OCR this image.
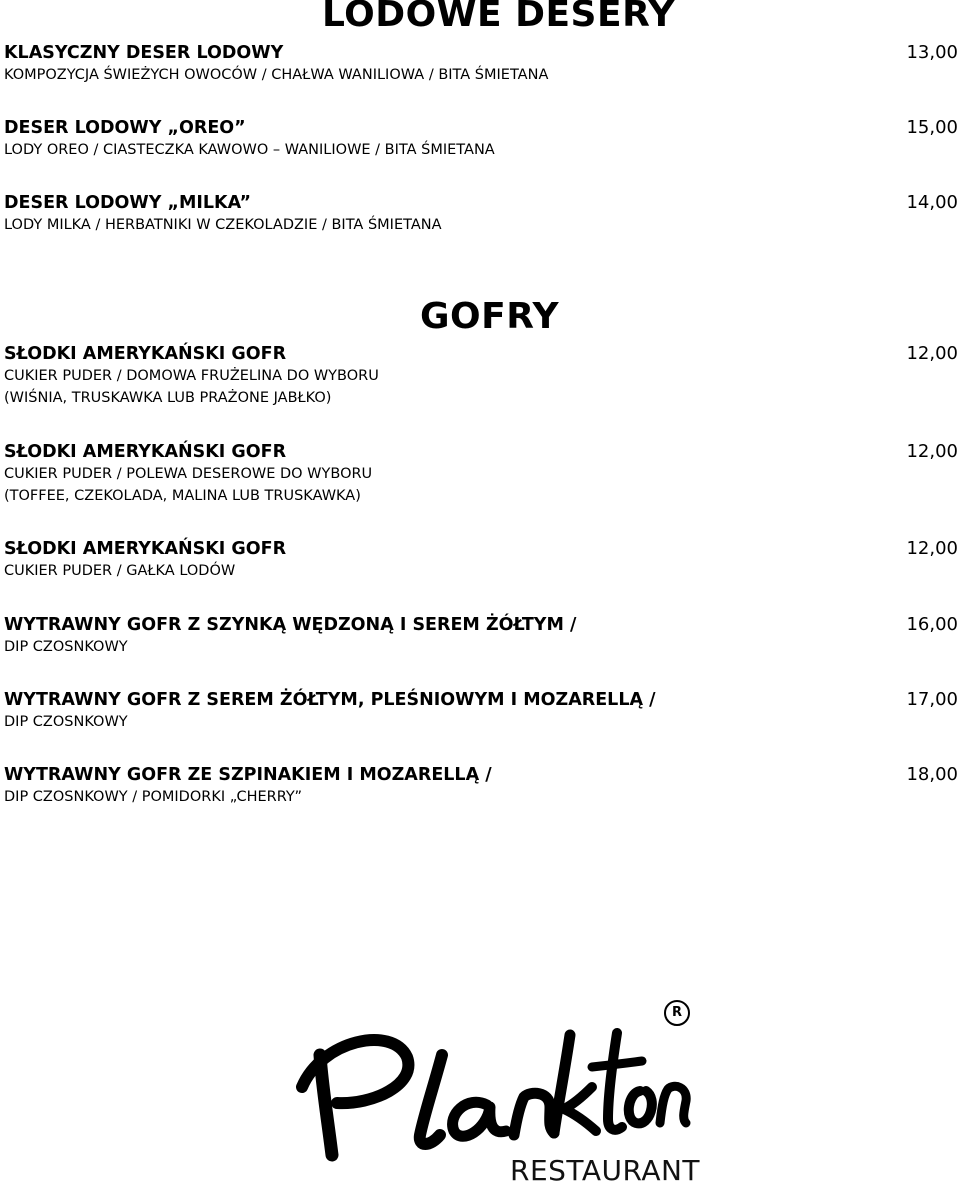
LODOWE DESERY
KLASYCZNY DESER LODOWY	13,00
KOMPOZYCJA ŚWIEŻYCH OWOCÓW / CHAŁWA WANILIOWA / BITA ŚMIETANA
DESER LODOWY „OREO”	15,00
LODY OREO / CIASTECZKA KAWOWO – WANILIOWE / BITA ŚMIETANA
DESER LODOWY „MILKA”	14,00
LODY MILKA / HERBATNIKI W CZEKOLADZIE / BITA ŚMIETANA
GOFRY
SŁODKI AMERYKAŃSKI GOFR	12,00
CUKIER PUDER / DOMOWA FRUŻELINA DO WYBORU
(WIŚNIA, TRUSKAWKA LUB PRAŻONE JABŁKO)
SŁODKI AMERYKAŃSKI GOFR	12,00
CUKIER PUDER / POLEWA DESEROWE DO WYBORU
(TOFFEE, CZEKOLADA, MALINA LUB TRUSKAWKA)
SŁODKI AMERYKAŃSKI GOFR	12,00
CUKIER PUDER / GAŁKA LODÓW
WYTRAWNY GOFR Z SZYNKĄ WĘDZONĄ I SEREM ŻÓŁTYM /	16,00
DIP CZOSNKOWY
WYTRAWNY GOFR Z SEREM ŻÓŁTYM, PLEŚNIOWYM I MOZARELLĄ /	17,00
DIP CZOSNKOWY
WYTRAWNY GOFR ZE SZPINAKIEM I MOZARELLĄ /	18,00
DIP CZOSNKOWY / POMIDORKI „CHERRY”
R
RESTAURANT
